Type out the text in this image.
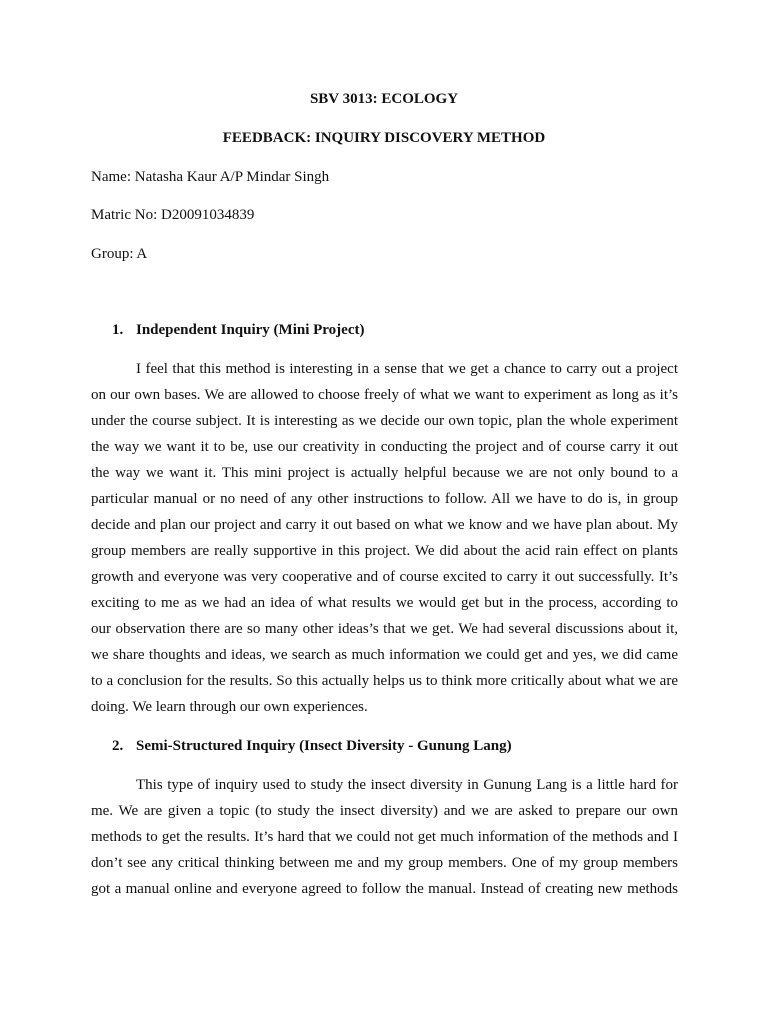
SBV 3013: ECOLOGY
FEEDBACK: INQUIRY DISCOVERY METHOD
Name: Natasha Kaur A/P Mindar Singh
Matric No: D20091034839
Group: A
1. Independent Inquiry (Mini Project)
I feel that this method is interesting in a sense that we get a chance to carry out a project
on our own bases. We are allowed to choose freely of what we want to experiment as long as it’s
under the course subject. It is interesting as we decide our own topic, plan the whole experiment
the way we want it to be, use our creativity in conducting the project and of course carry it out
the way we want it. This mini project is actually helpful because we are not only bound to a
particular manual or no need of any other instructions to follow. All we have to do is, in group
decide and plan our project and carry it out based on what we know and we have plan about. My
group members are really supportive in this project. We did about the acid rain effect on plants
growth and everyone was very cooperative and of course excited to carry it out successfully. It’s
exciting to me as we had an idea of what results we would get but in the process, according to
our observation there are so many other ideas’s that we get. We had several discussions about it,
we share thoughts and ideas, we search as much information we could get and yes, we did came
to a conclusion for the results. So this actually helps us to think more critically about what we are
doing. We learn through our own experiences.
2. Semi-Structured Inquiry (Insect Diversity - Gunung Lang)
This type of inquiry used to study the insect diversity in Gunung Lang is a little hard for
me. We are given a topic (to study the insect diversity) and we are asked to prepare our own
methods to get the results. It’s hard that we could not get much information of the methods and I
don’t see any critical thinking between me and my group members. One of my group members
got a manual online and everyone agreed to follow the manual. Instead of creating new methods
